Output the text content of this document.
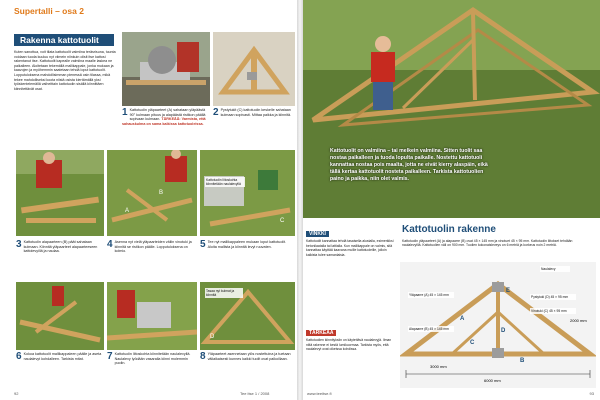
Supertalli – osa 2
Rakenna kattotuolit
Kuten sanottua, voit tilata kattotuolit valmiina teräsrisuna, tuunta voidaan tuoda kuuluu nyt viimein niinkuin olisit itse kattosi rakentanut itse. Kattotuolit kapealle valmiina maalle laskea ne paikalleen. Aloitetaan tekemällä mallikappale, jonka mukaan ja kaavojen ja myöhemmin saatetaan tehdä loput kattotuolit. Lopputuloksena mahdollisimman pienessä osin tilassa, mikä tekee mahdolliseksi koota niistä osista kiertämällä yksi työskentelemällä vaiheittain kattotuolin sisällä kiinnittäen kiinnitettävät osat.
1 Kattotuolin yläpaarteet (A) sahataan yläpäästä 90° kulmaan pituus ja alapäästä ristikon päällä sopivaan kulmaan. TÄRKEÄÄ: Varmista, että sahauskulma on sama kaikissa kattotuoleissa.
2 Pystytukit (C) kattotuolin keskelle sahataan kulmaan sopivasti. Mittaa paikka ja kiinnitä.
3 Kattotuolin alapaarteen (B) päät sahataan kulmaan. Kiinnitä yläpaarteet alapaarteeseen kattolevyillä ja naulaa.
A
B
4 Asenna nyt vielä yläpaarteiden väliin vinotuki ja kiinnitä se ristikon päälle. Lopputuloksena on kolmio.
C
Kattotuolin liitoskohta kiinnitetään naulalevyllä
5 Tee nyt mallikappaleen mukaan loput kattotuolit. Aloita mallista ja kiinnitä levyt ruuvaten.
6 Kokoa kattotuolit mallikappaleen päälle ja aseta naulalevyt kohdalleen. Tarkista mitat.	7 Kattotuolin liitoskohta kiinnitetään naulalevyllä. Naulalevy lyödään vasaralla kiinni molemmin puolin.
D
Tasaa nyt kulmat ja kiinnitä
8 Yläpaarteet asennetaan ylös nostettuina ja tuetaan väliaikaisesti kunnes kaikki tuolit ovat paikoillaan.
92	Tee itse 1 / 2008
Kattotuolit on valmiina – tai melkein valmiina. Sitten tuolit saa nostaa paikalleen ja tuoda lopulta paikalle. Nostettu kattotuoli kannattaa nostaa pois maalta, jotta ne eivät kierry alaspäin, eikä tällä kertaa kattotuolit nosteta paikalleen. Tarkista kattotuolien paino ja paikka, niin olet valmis.
VINKKI
Kattotuolit kannattaa tehdä tasaisella alustalla, esimerkiksi betonilaatalla tai lattialla. Kun mallikappale on valmis, sitä kannattaa käyttää kaavana muille kattotuoleille, jolloin kaikista tulee samanlaisia.
TÄRKEÄÄ
Kattotuolien kiinnityksiin on käytettävä naulalevyjä. Ilman niitä rakenne ei kestä lumikuormaa. Tarkista myös, että naulalevyt ovat oikeissa kohdissa.
Kattotuolin rakenne
Kattotuolin yläpaarteet (A) ja alapaarre (B) ovat 45 × 145 mm ja vinotuet 45 × 95 mm. Kattotuolin liitokset tehdään naulalevyillä. Kattotuolien väli on 900 mm. Tuolien kokonaisleveys on 6 metriä ja korkeus noin 2 metriä.
6000 mm
3000 mm
2000 mm
A
B
C
D
E
Yläpaarre (A) 45 × 145 mm
Alapaarre (B) 45 × 145 mm
Vinotuki (C) 45 × 95 mm
Pystytuki (D) 45 × 95 mm
Naulalevy
www.teeitse.fi	93
